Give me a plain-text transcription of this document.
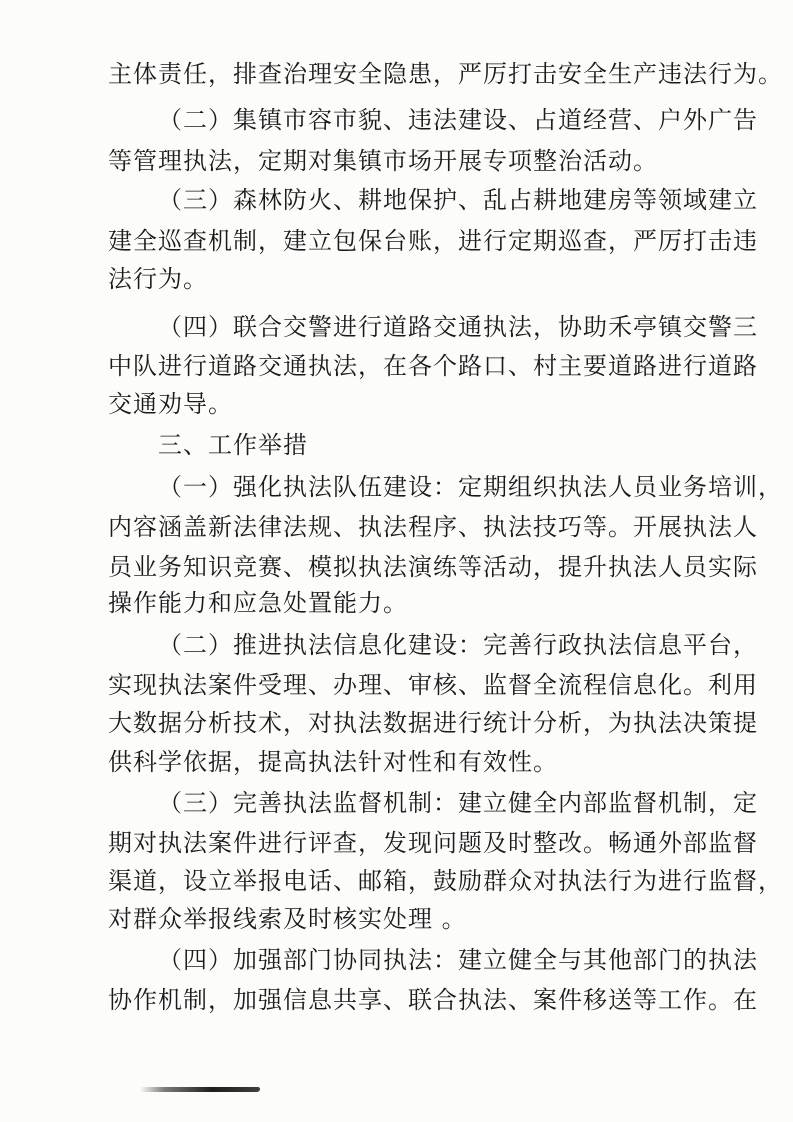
主体责任，排查治理安全隐患，严厉打击安全生产违法行为。
（二）集镇市容市貌、违法建设、占道经营、户外广告
等管理执法，定期对集镇市场开展专项整治活动。
（三）森林防火、耕地保护、乱占耕地建房等领域建立
建全巡查机制，建立包保台账，进行定期巡查，严厉打击违
法行为。
（四）联合交警进行道路交通执法，协助禾亭镇交警三
中队进行道路交通执法，在各个路口、村主要道路进行道路
交通劝导。
三、工作举措
（一）强化执法队伍建设：定期组织执法人员业务培训，
内容涵盖新法律法规、执法程序、执法技巧等。开展执法人
员业务知识竞赛、模拟执法演练等活动，提升执法人员实际
操作能力和应急处置能力。
（二）推进执法信息化建设：完善行政执法信息平台，
实现执法案件受理、办理、审核、监督全流程信息化。利用
大数据分析技术，对执法数据进行统计分析，为执法决策提
供科学依据，提高执法针对性和有效性。
（三）完善执法监督机制：建立健全内部监督机制，定
期对执法案件进行评查，发现问题及时整改。畅通外部监督
渠道，设立举报电话、邮箱，鼓励群众对执法行为进行监督，
对群众举报线索及时核实处理 。
（四）加强部门协同执法：建立健全与其他部门的执法
协作机制，加强信息共享、联合执法、案件移送等工作。在
